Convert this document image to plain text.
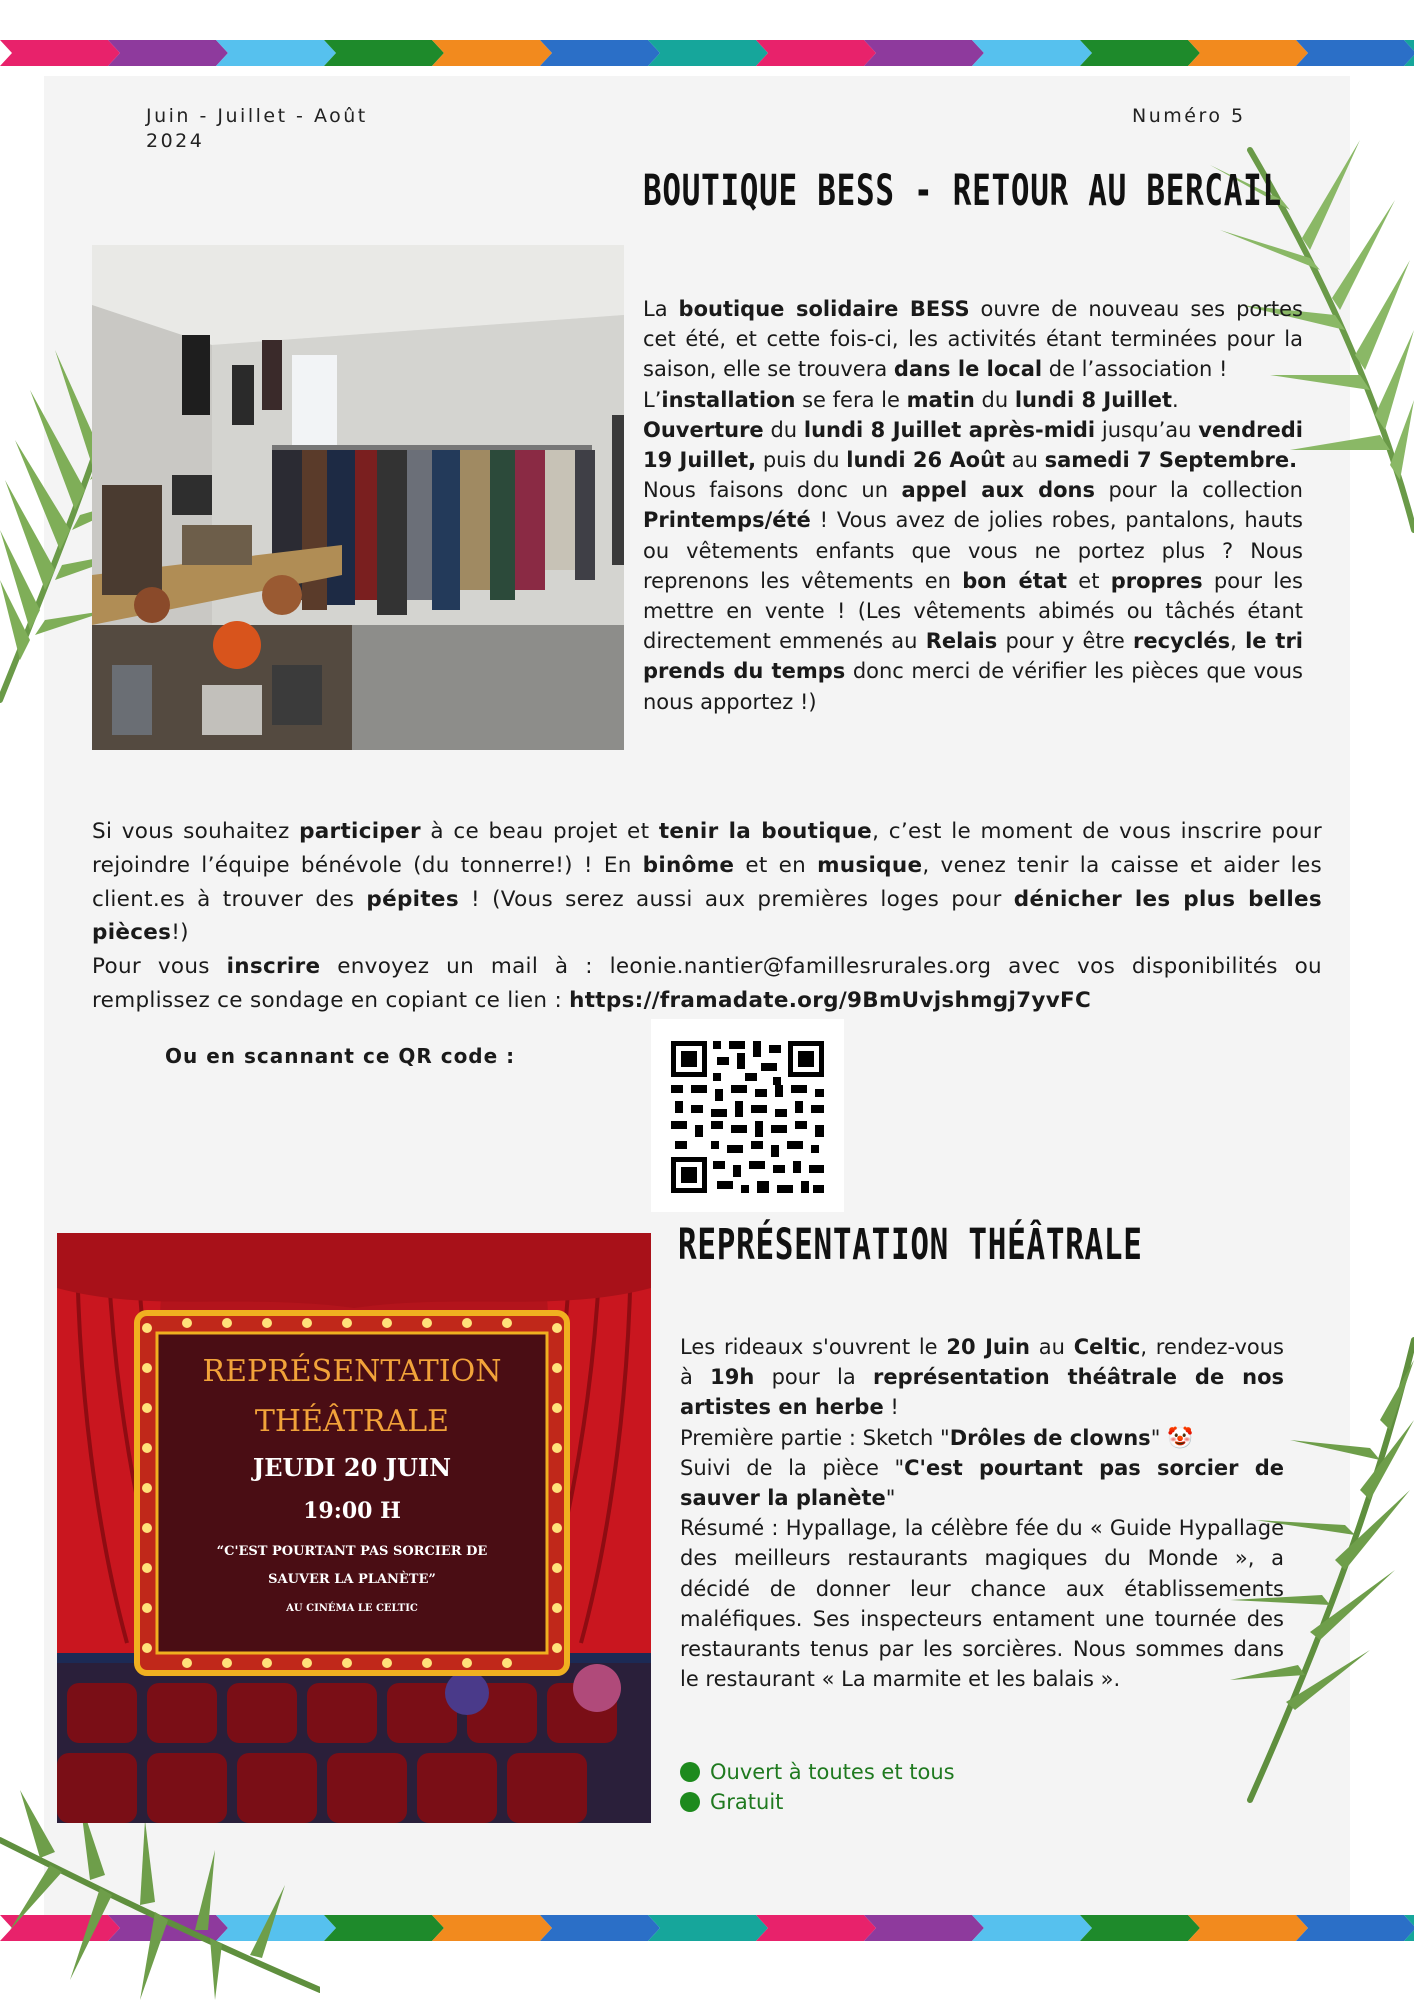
Juin - Juillet - Août 2024
Numéro 5
BOUTIQUE BESS - RETOUR AU BERCAIL
La boutique solidaire BESS ouvre de nouveau ses portes cet été, et cette fois-ci, les activités étant terminées pour la saison, elle se trouvera dans le local de l’association !
L’installation se fera le matin du lundi 8 Juillet.
Ouverture du lundi 8 Juillet après-midi jusqu’au vendredi 19 Juillet, puis du lundi 26 Août au samedi 7 Septembre.
Nous faisons donc un appel aux dons pour la collection Printemps/été ! Vous avez de jolies robes, pantalons, hauts ou vêtements enfants que vous ne portez plus ? Nous reprenons les vêtements en bon état et propres pour les mettre en vente ! (Les vêtements abimés ou tâchés étant directement emmenés au Relais pour y être recyclés, le tri prends du temps donc merci de vérifier les pièces que vous nous apportez !)
Si vous souhaitez participer à ce beau projet et tenir la boutique, c’est le moment de vous inscrire pour rejoindre l’équipe bénévole (du tonnerre!) ! En binôme et en musique, venez tenir la caisse et aider les client.es à trouver des pépites ! (Vous serez aussi aux premières loges pour dénicher les plus belles pièces!)
Pour vous inscrire envoyez un mail à : leonie.nantier@famillesrurales.org avec vos disponibilités ou remplissez ce sondage en copiant ce lien : https://framadate.org/9BmUvjshmgj7yvFC
Ou en scannant ce QR code :
REPRÉSENTATION THÉÂTRALE
REPRÉSENTATION
THÉÂTRALE
JEUDI 20 JUIN
19:00 H
“C'EST POURTANT PAS SORCIER DE
SAUVER LA PLANÈTE”
AU CINÉMA LE CELTIC
Les rideaux s'ouvrent le 20 Juin au Celtic, rendez-vous à 19h pour la représentation théâtrale de nos artistes en herbe !
Première partie : Sketch "Drôles de clowns" 🤡
Suivi de la pièce "C'est pourtant pas sorcier de sauver la planète"
Résumé : Hypallage, la célèbre fée du « Guide Hypallage des meilleurs restaurants magiques du Monde », a décidé de donner leur chance aux établissements maléfiques. Ses inspecteurs entament une tournée des restaurants tenus par les sorcières. Nous sommes dans le restaurant « La marmite et les balais ».
Ouvert à toutes et tous
Gratuit
